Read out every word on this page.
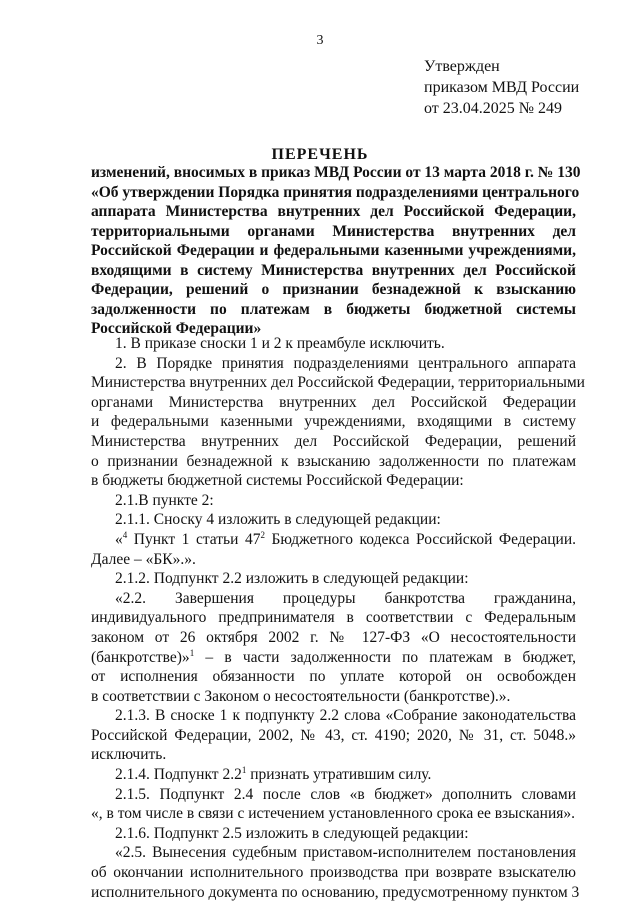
3
Утвержден
приказом МВД России
от 23.04.2025 № 249
ПЕРЕЧЕНЬ
изменений, вносимых в приказ МВД России от 13 марта 2018 г. № 130
«Об утверждении Порядка принятия подразделениями центрального
аппарата Министерства внутренних дел Российской Федерации,
территориальными органами Министерства внутренних дел
Российской Федерации и федеральными казенными учреждениями,
входящими в систему Министерства внутренних дел Российской
Федерации, решений о признании безнадежной к взысканию
задолженности по платежам в бюджеты бюджетной системы
Российской Федерации»
1. В приказе сноски 1 и 2 к преамбуле исключить.
2. В Порядке принятия подразделениями центрального аппарата
Министерства внутренних дел Российской Федерации, территориальными
органами Министерства внутренних дел Российской Федерации
и федеральными казенными учреждениями, входящими в систему
Министерства внутренних дел Российской Федерации, решений
о признании безнадежной к взысканию задолженности по платежам
в бюджеты бюджетной системы Российской Федерации:
2.1.В пункте 2:
2.1.1. Сноску 4 изложить в следующей редакции:
«$^4$ Пункт 1 статьи $47^2$ Бюджетного кодекса Российской Федерации.
Далее – «БК».».
2.1.2. Подпункт 2.2 изложить в следующей редакции:
«2.2. Завершения процедуры банкротства гражданина,
индивидуального предпринимателя в соответствии с Федеральным
законом от 26 октября 2002 г. № 127-ФЗ «О несостоятельности
(банкротстве)»$^1$ – в части задолженности по платежам в бюджет,
от исполнения обязанности по уплате которой он освобожден
в соответствии с Законом о несостоятельности (банкротстве).».
2.1.3. В сноске 1 к подпункту 2.2 слова «Собрание законодательства
Российской Федерации, 2002, № 43, ст. 4190; 2020, № 31, ст. 5048.»
исключить.
2.1.4. Подпункт $2.2^1$ признать утратившим силу.
2.1.5. Подпункт 2.4 после слов «в бюджет» дополнить словами
«, в том числе в связи с истечением установленного срока ее взыскания».
2.1.6. Подпункт 2.5 изложить в следующей редакции:
«2.5. Вынесения судебным приставом-исполнителем постановления
об окончании исполнительного производства при возврате взыскателю
исполнительного документа по основанию, предусмотренному пунктом 3
